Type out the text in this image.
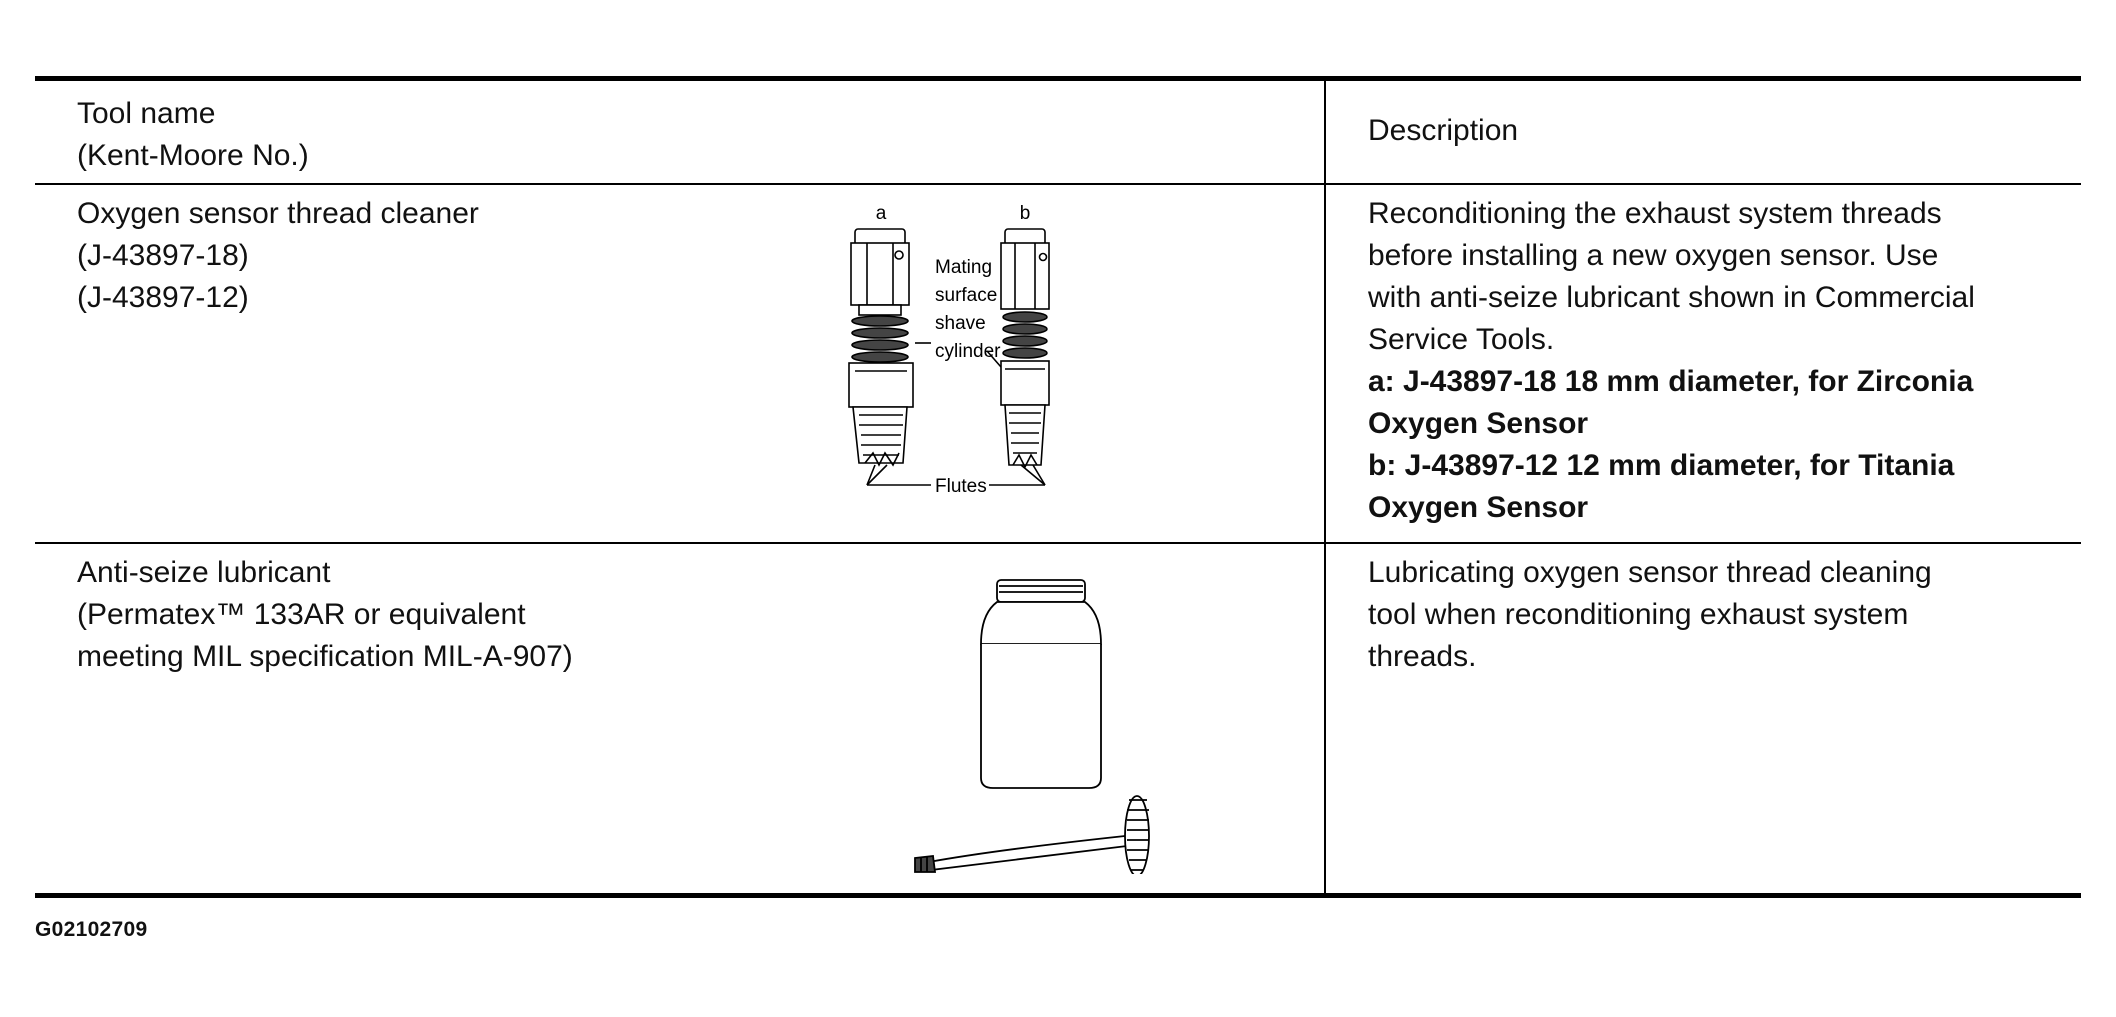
Tool name
(Kent-Moore No.)
Description
Oxygen sensor thread cleaner
(J-43897-18)
(J-43897-12)
a	b
Mating
surface
shave
cylinder
Flutes
Reconditioning the exhaust system threads
before installing a new oxygen sensor. Use
with anti-seize lubricant shown in Commercial
Service Tools.
a: J-43897-18 18 mm diameter, for Zirconia
Oxygen Sensor
b: J-43897-12 12 mm diameter, for Titania
Oxygen Sensor
Anti-seize lubricant
(Permatex™ 133AR or equivalent
meeting MIL specification MIL-A-907)
Lubricating oxygen sensor thread cleaning
tool when reconditioning exhaust system
threads.
G02102709
